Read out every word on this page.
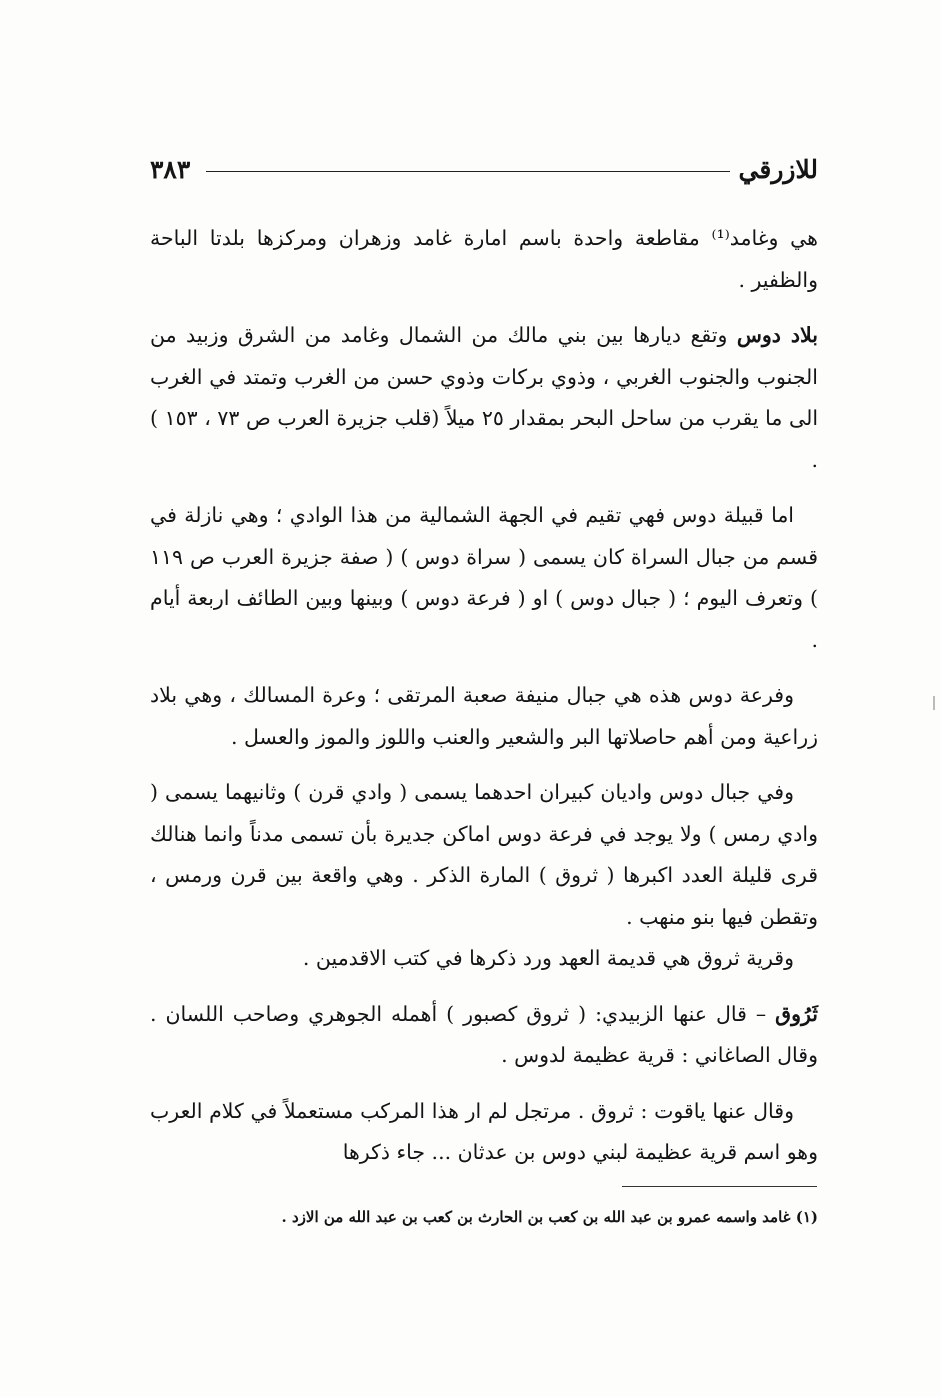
للازرقي
٣٨٣

هي وغامد⁽¹⁾ مقاطعة واحدة باسم امارة غامد وزهران ومركزها بلدتا الباحة والظفير .

بلاد دوس وتقع ديارها بين بني مالك من الشمال وغامد من الشرق وزبيد من الجنوب والجنوب الغربي ، وذوي بركات وذوي حسن من الغرب وتمتد في الغرب الى ما يقرب من ساحل البحر بمقدار ٢٥ ميلاً (قلب جزيرة العرب ص ٧٣ ، ١٥٣ ) .

اما قبيلة دوس فهي تقيم في الجهة الشمالية من هذا الوادي ؛ وهي نازلة في قسم من جبال السراة كان يسمى ( سراة دوس ) ( صفة جزيرة العرب ص ١١٩ ) وتعرف اليوم ؛ ( جبال دوس ) او ( فرعة دوس ) وبينها وبين الطائف اربعة أيام .

وفرعة دوس هذه هي جبال منيفة صعبة المرتقى ؛ وعرة المسالك ، وهي بلاد زراعية ومن أهم حاصلاتها البر والشعير والعنب واللوز والموز والعسل .

وفي جبال دوس واديان كبيران احدهما يسمى ( وادي قرن ) وثانيهما يسمى ( وادي رمس ) ولا يوجد في فرعة دوس اماكن جديرة بأن تسمى مدناً وانما هنالك قرى قليلة العدد اكبرها ( ثروق ) المارة الذكر . وهي واقعة بين قرن ورمس ، وتقطن فيها بنو منهب .

وقرية ثروق هي قديمة العهد ورد ذكرها في كتب الاقدمين .

ثَرُوق – قال عنها الزبيدي: ( ثروق كصبور ) أهمله الجوهري وصاحب اللسان . وقال الصاغاني : قرية عظيمة لدوس .

وقال عنها ياقوت : ثروق . مرتجل لم ار هذا المركب مستعملاً في كلام العرب وهو اسم قرية عظيمة لبني دوس بن عدثان ... جاء ذكرها

(١) غامد واسمه عمرو بن عبد الله بن كعب بن الحارث بن كعب بن عبد الله من الازد .
